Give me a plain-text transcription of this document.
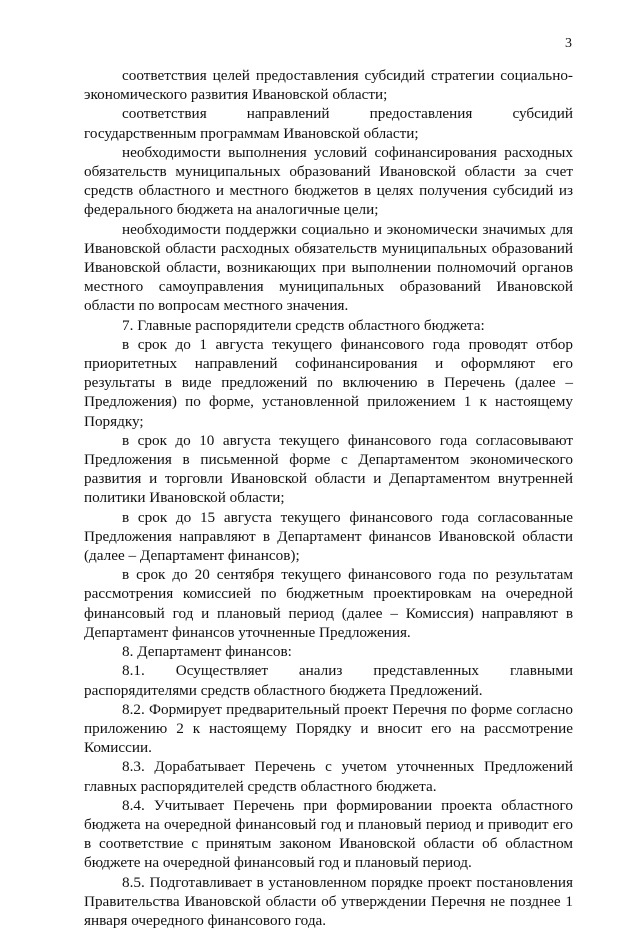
3

соответствия целей предоставления субсидий стратегии социально-экономического развития Ивановской области;

соответствия направлений предоставления субсидий государственным программам Ивановской области;

необходимости выполнения условий софинансирования расходных обязательств муниципальных образований Ивановской области за счет средств областного и местного бюджетов в целях получения субсидий из федерального бюджета на аналогичные цели;

необходимости поддержки социально и экономически значимых для Ивановской области расходных обязательств муниципальных образований Ивановской области, возникающих при выполнении полномочий органов местного самоуправления муниципальных образований Ивановской области по вопросам местного значения.

7. Главные распорядители средств областного бюджета:

в срок до 1 августа текущего финансового года проводят отбор приоритетных направлений софинансирования и оформляют его результаты в виде предложений по включению в Перечень (далее – Предложения) по форме, установленной приложением 1 к настоящему Порядку;

в срок до 10 августа текущего финансового года согласовывают Предложения в письменной форме с Департаментом экономического развития и торговли Ивановской области и Департаментом внутренней политики Ивановской области;

в срок до 15 августа текущего финансового года согласованные Предложения направляют в Департамент финансов Ивановской области (далее – Департамент финансов);

в срок до 20 сентября текущего финансового года по результатам рассмотрения комиссией по бюджетным проектировкам на очередной финансовый год и плановый период (далее – Комиссия) направляют в Департамент финансов уточненные Предложения.

8. Департамент финансов:

8.1. Осуществляет анализ представленных главными распорядителями средств областного бюджета Предложений.

8.2. Формирует предварительный проект Перечня по форме согласно приложению 2 к настоящему Порядку и вносит его на рассмотрение Комиссии.

8.3. Дорабатывает Перечень с учетом уточненных Предложений главных распорядителей средств областного бюджета.

8.4. Учитывает Перечень при формировании проекта областного бюджета на очередной финансовый год и плановый период и приводит его в соответствие с принятым законом Ивановской области об областном бюджете на очередной финансовый год и плановый период.

8.5. Подготавливает в установленном порядке проект постановления Правительства Ивановской области об утверждении Перечня не позднее 1 января очередного финансового года.
